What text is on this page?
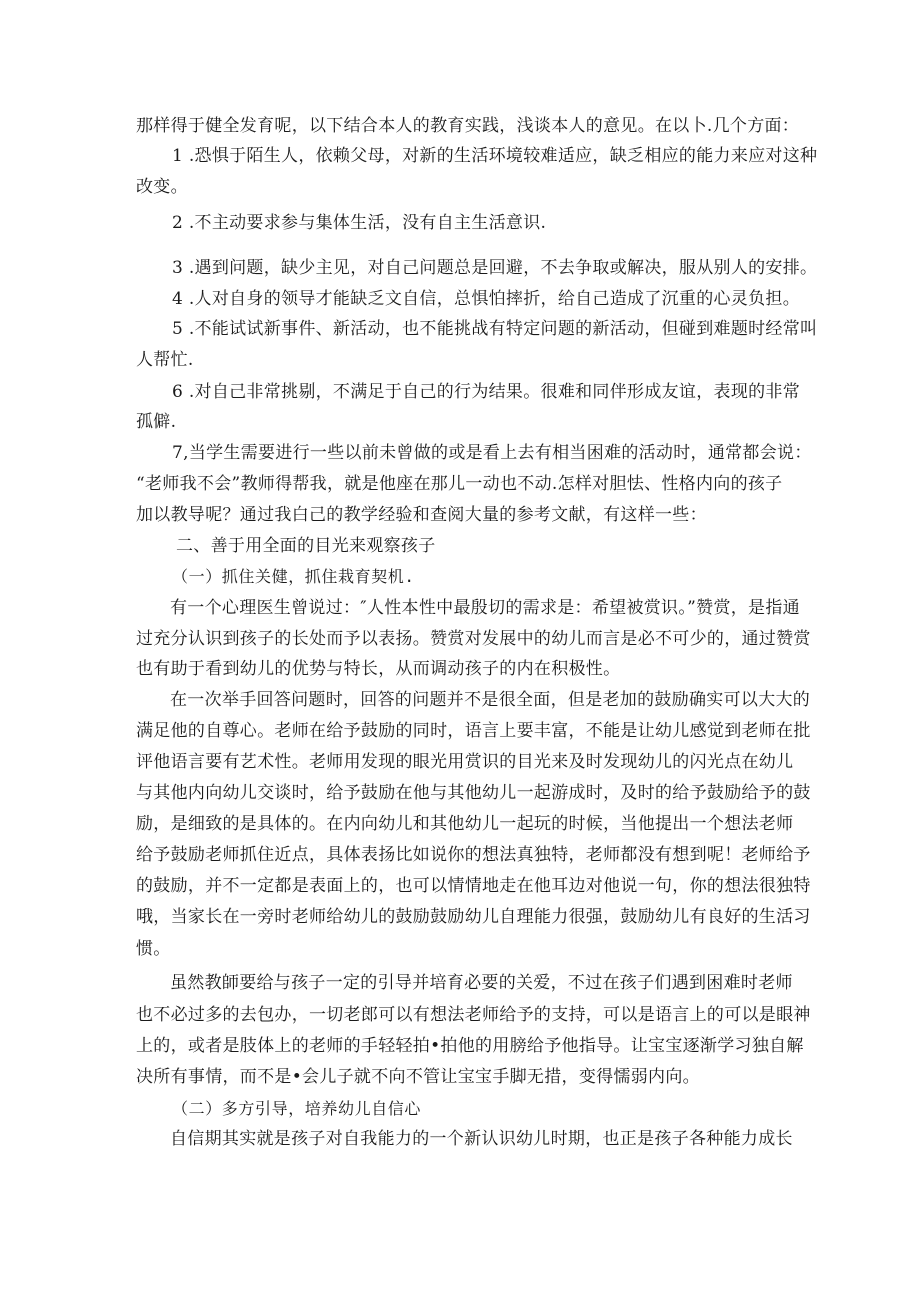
那样得于健全发育呢，以下结合本人的教育实践，浅谈本人的意见。在以卜.几个方面：
1 .恐惧于陌生人，依赖父母，对新的生活环境较难适应，缺乏相应的能力来应对这种
改变。
2 .不主动要求参与集体生活，没有自主生活意识.
3 .遇到问题，缺少主见，对自己问题总是回避，不去争取或解决，服从别人的安排。
4 .人对自身的领导才能缺乏文自信，总惧怕摔折，给自己造成了沉重的心灵负担。
5 .不能试试新事件、新活动，也不能挑战有特定问题的新活动，但碰到难题时经常叫
人帮忙.
6 .对自己非常挑剔，不满足于自己的行为结果。很难和同伴形成友谊，表现的非常
孤僻.
7,当学生需要进行一些以前未曾做的或是看上去有相当困难的活动时，通常都会说：
“老师我不会”教师得帮我，就是他座在那儿一动也不动.怎样对胆怯、性格内向的孩子
加以教导呢？通过我白己的教学经验和查阅大量的参考文献，有这样一些：
二、善于用全面的目光来观察孩子
（一）抓住关健，抓住栽育契机.
有一个心理医生曾说过：″人性本性中最殷切的需求是：希望被赏识。”赞赏，是指通
过充分认识到孩子的长处而予以表扬。赞赏对发展中的幼儿而言是必不可少的，通过赞赏
也有助于看到幼儿的优势与特长，从而调动孩子的内在积极性。
在一次举手回答问题时，回答的问题并不是很全面，但是老加的鼓励确实可以大大的
满足他的自尊心。老师在给予鼓励的同时，语言上要丰富，不能是让幼儿感觉到老师在批
评他语言要有艺术性。老师用发现的眼光用赏识的目光来及时发现幼儿的闪光点在幼儿
与其他内向幼儿交谈时，给予鼓励在他与其他幼儿一起游成时，及时的给予鼓励给予的鼓
励，是细致的是具体的。在内向幼儿和其他幼儿一起玩的时候，当他提出一个想法老师
给予鼓励老师抓住近点，具体表扬比如说你的想法真独特，老师都没有想到呢！老师给予
的鼓励，并不一定都是表面上的，也可以情情地走在他耳边对他说一句，你的想法很独特
哦，当家长在一旁时老师给幼儿的鼓励鼓励幼儿自理能力很强，鼓励幼儿有良好的生活习
惯。
虽然教師要给与孩子一定的引导并培育必要的关爱，不过在孩子们遇到困难时老师
也不必过多的去包办，一切老郎可以有想法老师给予的支持，可以是语言上的可以是眼神
上的，或者是肢体上的老师的手轻轻拍•拍他的用膀给予他指导。让宝宝逐渐学习独自解
决所有事情，而不是•会儿子就不向不管让宝宝手脚无措，变得懦弱内向。
（二）多方引导，培养幼儿自信心
自信期其实就是孩子对自我能力的一个新认识幼儿时期，也正是孩子各种能力成长
